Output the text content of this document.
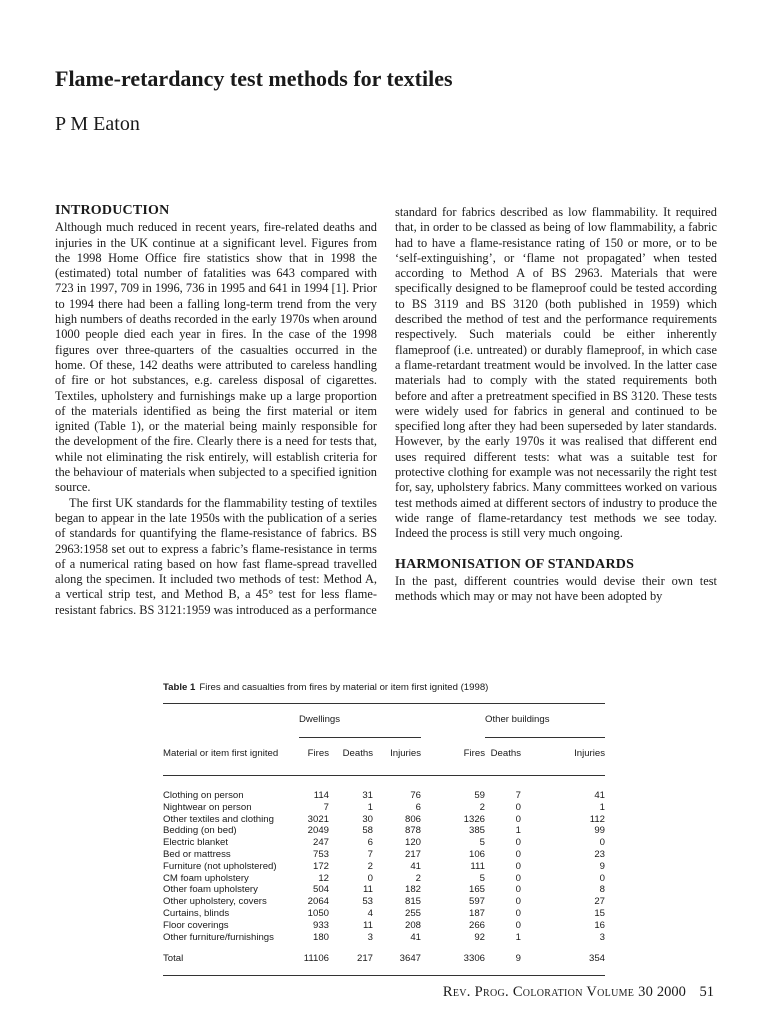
Flame-retardancy test methods for textiles
P M Eaton
INTRODUCTION

Although much reduced in recent years, fire-related deaths and injuries in the UK continue at a significant level. Figures from the 1998 Home Office fire statistics show that in 1998 the (estimated) total number of fatalities was 643 compared with 723 in 1997, 709 in 1996, 736 in 1995 and 641 in 1994 [1]. Prior to 1994 there had been a falling long-term trend from the very high numbers of deaths recorded in the early 1970s when around 1000 people died each year in fires. In the case of the 1998 figures over three-quarters of the casualties occurred in the home. Of these, 142 deaths were attributed to careless handling of fire or hot substances, e.g. careless disposal of cigarettes. Textiles, upholstery and furnishings make up a large proportion of the materials identified as being the first material or item ignited (Table 1), or the material being mainly responsible for the development of the fire. Clearly there is a need for tests that, while not eliminating the risk entirely, will establish criteria for the behaviour of materials when subjected to a specified ignition source.

The first UK standards for the flammability testing of textiles began to appear in the late 1950s with the publication of a series of standards for quantifying the flame-resistance of fabrics. BS 2963:1958 set out to express a fabric’s flame-resistance in terms of a numerical rating based on how fast flame-spread travelled along the specimen. It included two methods of test: Method A, a vertical strip test, and Method B, a 45° test for less flame-resistant fabrics. BS 3121:1959 was introduced as a performance

standard for fabrics described as low flammability. It required that, in order to be classed as being of low flammability, a fabric had to have a flame-resistance rating of 150 or more, or to be ‘self-extinguishing’, or ‘flame not propagated’ when tested according to Method A of BS 2963. Materials that were specifically designed to be flameproof could be tested according to BS 3119 and BS 3120 (both published in 1959) which described the method of test and the performance requirements respectively. Such materials could be either inherently flameproof (i.e. untreated) or durably flameproof, in which case a flame-retardant treatment would be involved. In the latter case materials had to comply with the stated requirements both before and after a pretreatment specified in BS 3120. These tests were widely used for fabrics in general and continued to be specified long after they had been superseded by later standards. However, by the early 1970s it was realised that different end uses required different tests: what was a suitable test for protective clothing for example was not necessarily the right test for, say, upholstery fabrics. Many committees worked on various test methods aimed at different sectors of industry to produce the wide range of flame-retardancy test methods we see today. Indeed the process is still very much ongoing.

HARMONISATION OF STANDARDS

In the past, different countries would devise their own test methods which may or may not have been adopted by

Table 1 Fires and casualties from fires by material or item first ignited (1998)

	Dwellings				Other buildings	

Material or item first ignited	Fires	Deaths	Injuries	Fires	Deaths	Injuries

Clothing on person	114	31	76	59	7	41
Nightwear on person	7	1	6	2	0	1
Other textiles and clothing	3021	30	806	1326	0	112
Bedding (on bed)	2049	58	878	385	1	99
Electric blanket	247	6	120	5	0	0
Bed or mattress	753	7	217	106	0	23
Furniture (not upholstered)	172	2	41	111	0	9
CM foam upholstery	12	0	2	5	0	0
Other foam upholstery	504	11	182	165	0	8
Other upholstery, covers	2064	53	815	597	0	27
Curtains, blinds	1050	4	255	187	0	15
Floor coverings	933	11	208	266	0	16
Other furniture/furnishings	180	3	41	92	1	3
Total	11106	217	3647	3306	9	354
Rev. Prog. Coloration Volume 30 2000 51
